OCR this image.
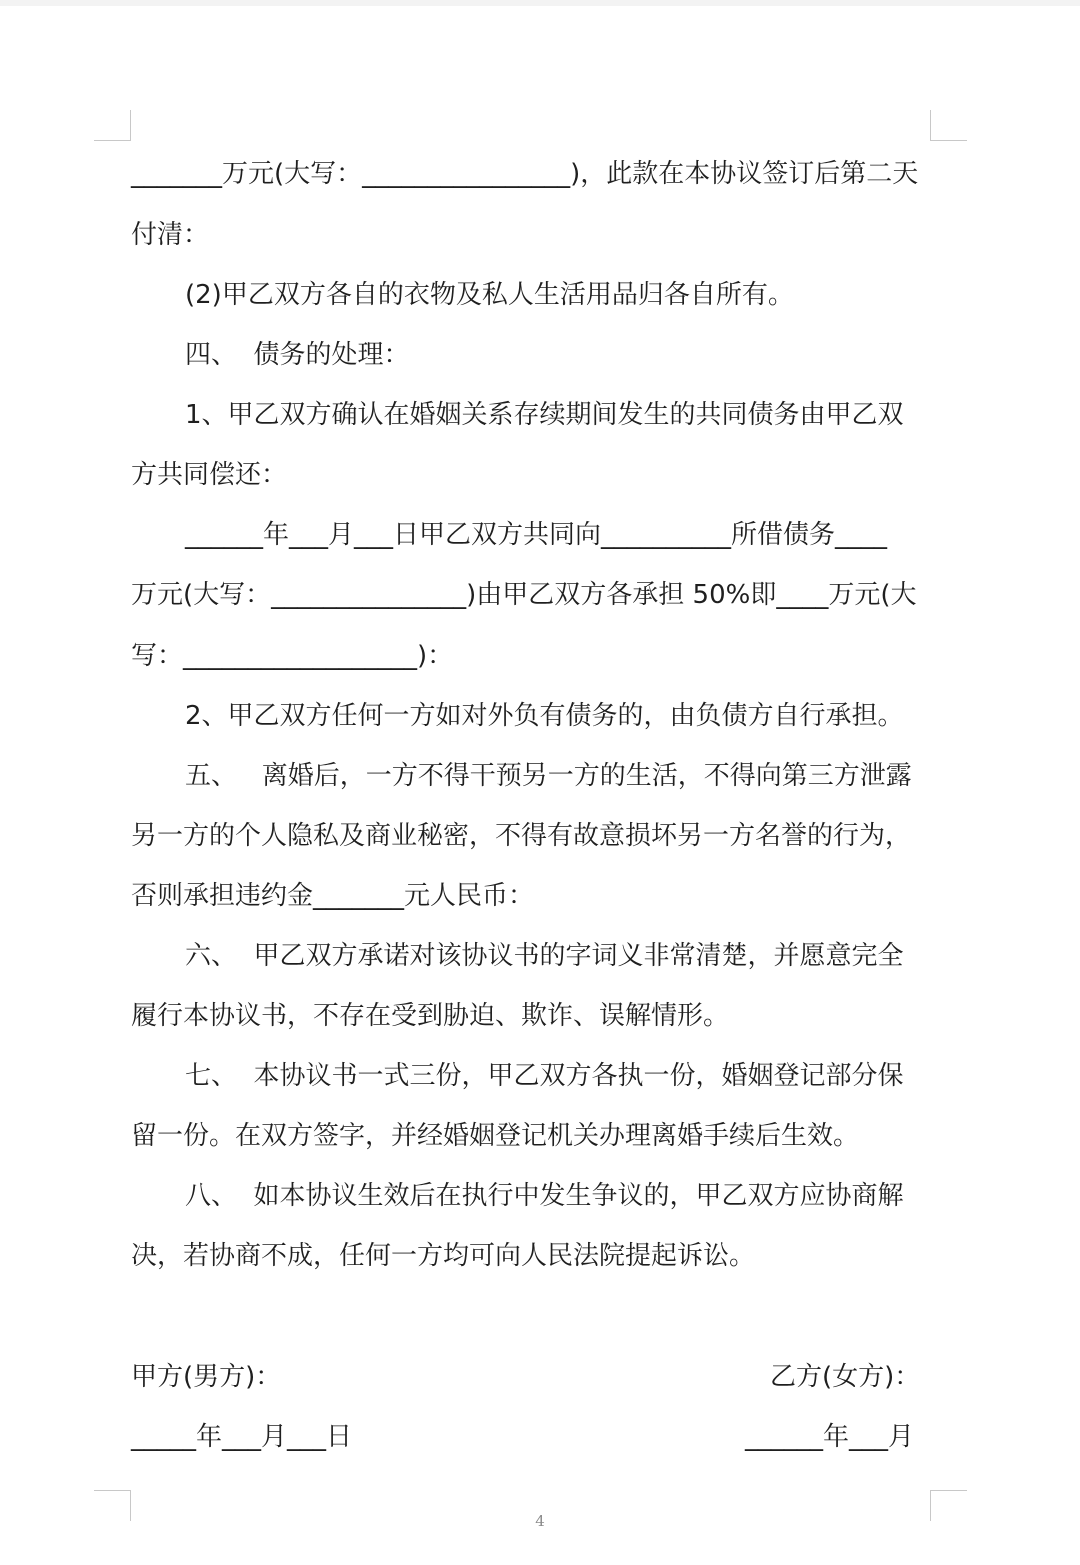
_______万元(大写：________________)，此款在本协议签订后第二天
付清：
(2)甲乙双方各自的衣物及私人生活用品归各自所有。
四、  债务的处理：
1、甲乙双方确认在婚姻关系存续期间发生的共同债务由甲乙双
方共同偿还：
______年___月___日甲乙双方共同向__________所借债务____
万元(大写：_______________)由甲乙双方各承担 50%即____万元(大
写：__________________)：
2、甲乙双方任何一方如对外负有债务的，由负债方自行承担。
五、   离婚后，一方不得干预另一方的生活，不得向第三方泄露
另一方的个人隐私及商业秘密，不得有故意损坏另一方名誉的行为，
否则承担违约金_______元人民币：
六、  甲乙双方承诺对该协议书的字词义非常清楚，并愿意完全
履行本协议书，不存在受到胁迫、欺诈、误解情形。
七、  本协议书一式三份，甲乙双方各执一份，婚姻登记部分保
留一份。在双方签字，并经婚姻登记机关办理离婚手续后生效。
八、  如本协议生效后在执行中发生争议的，甲乙双方应协商解
决，若协商不成，任何一方均可向人民法院提起诉讼。
甲方(男方)：	乙方(女方)：
_____年___月___日	______年___月
4
